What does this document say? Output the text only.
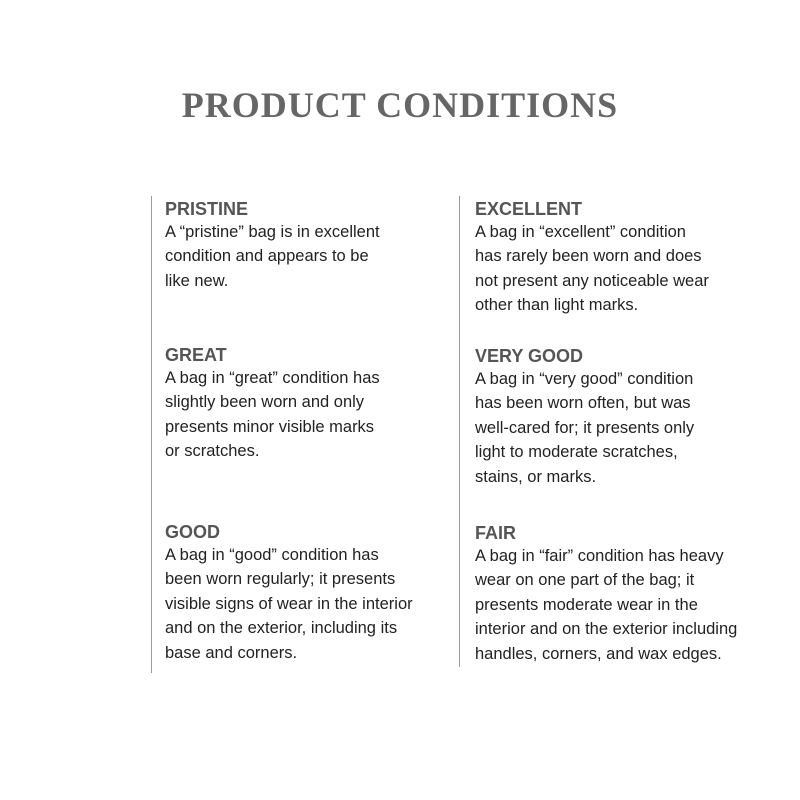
PRODUCT CONDITIONS
PRISTINE

A “pristine” bag is in excellent
condition and appears to be
like new.

GREAT

A bag in “great” condition has
slightly been worn and only
presents minor visible marks
or scratches.

GOOD

A bag in “good” condition has
been worn regularly; it presents
visible signs of wear in the interior
and on the exterior, including its
base and corners.

EXCELLENT

A bag in “excellent” condition
has rarely been worn and does
not present any noticeable wear
other than light marks.

VERY GOOD

A bag in “very good” condition
has been worn often, but was
well-cared for; it presents only
light to moderate scratches,
stains, or marks.

FAIR

A bag in “fair” condition has heavy
wear on one part of the bag; it
presents moderate wear in the
interior and on the exterior including
handles, corners, and wax edges.
